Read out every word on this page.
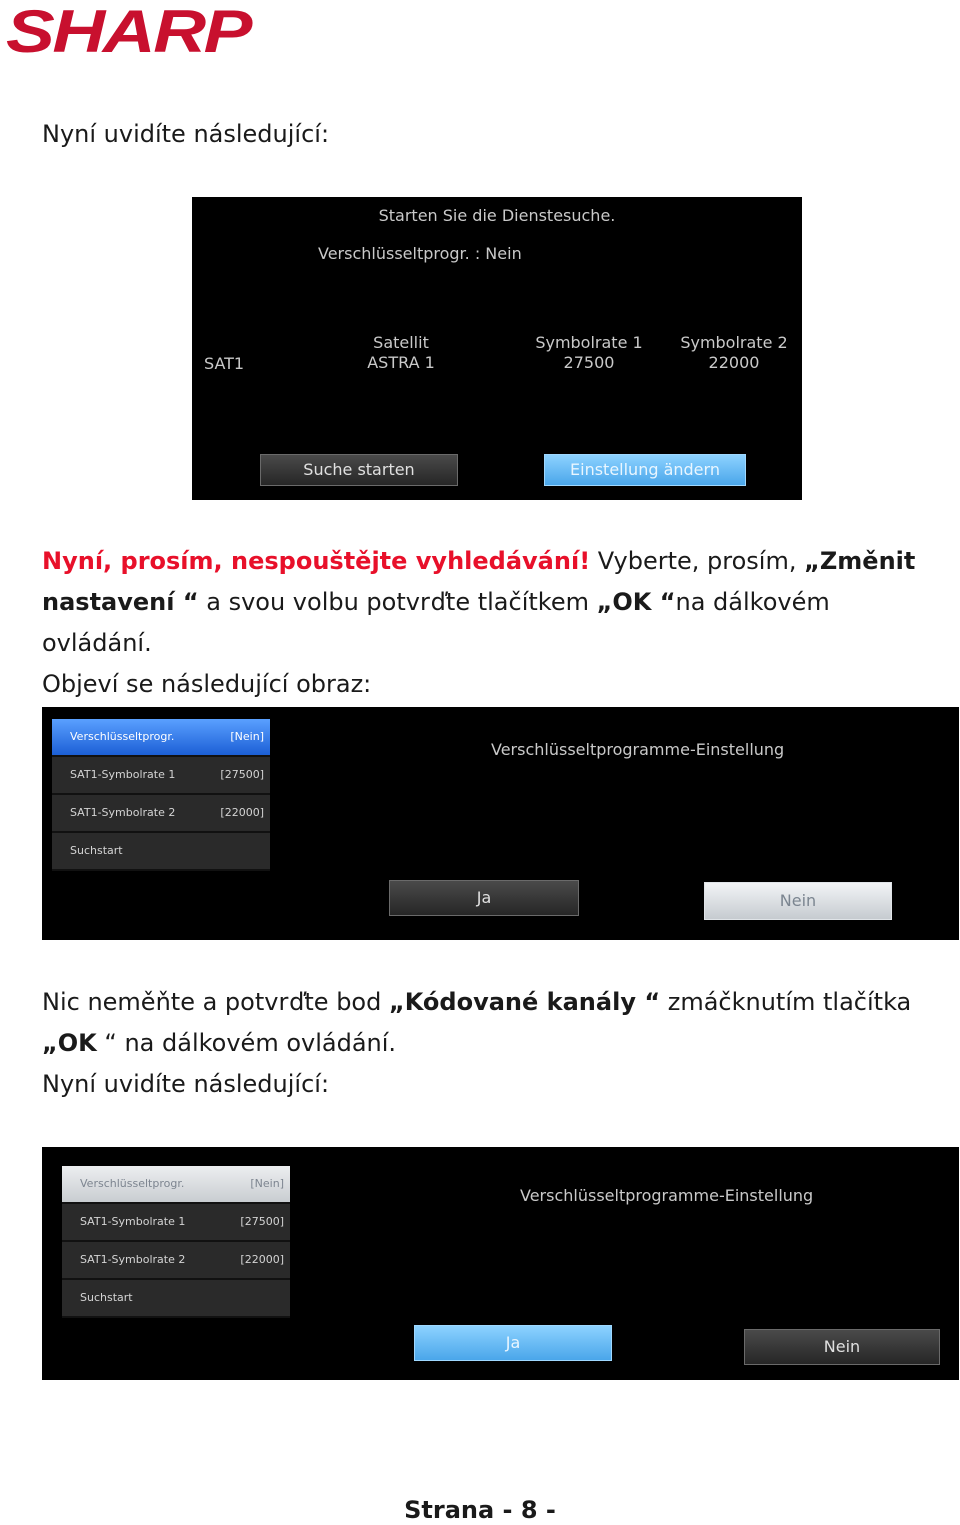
SHARP
Nyní uvidíte následující:
Starten Sie die Dienstesuche.
Verschlüsseltprogr. : Nein
SAT1
Satellit
ASTRA 1
Symbolrate 1
27500
Symbolrate 2
22000
Suche starten	Einstellung ändern
Nyní, prosím, nespouštějte vyhledávání! Vyberte, prosím, „Změnit nastavení “ a svou volbu potvrďte tlačítkem „OK “na dálkovém ovládání.
Objeví se následující obraz:
Verschlüsseltprogr.	[Nein]
SAT1-Symbolrate 1	[27500]
SAT1-Symbolrate 2	[22000]
Suchstart
Verschlüsseltprogramme-Einstellung
Ja	Nein
Nic neměňte a potvrďte bod „Kódované kanály “ zmáčknutím tlačítka „OK “ na dálkovém ovládání.
Nyní uvidíte následující:
Verschlüsseltprogr.	[Nein]
SAT1-Symbolrate 1	[27500]
SAT1-Symbolrate 2	[22000]
Suchstart
Verschlüsseltprogramme-Einstellung
Ja	Nein
Strana - 8 -
